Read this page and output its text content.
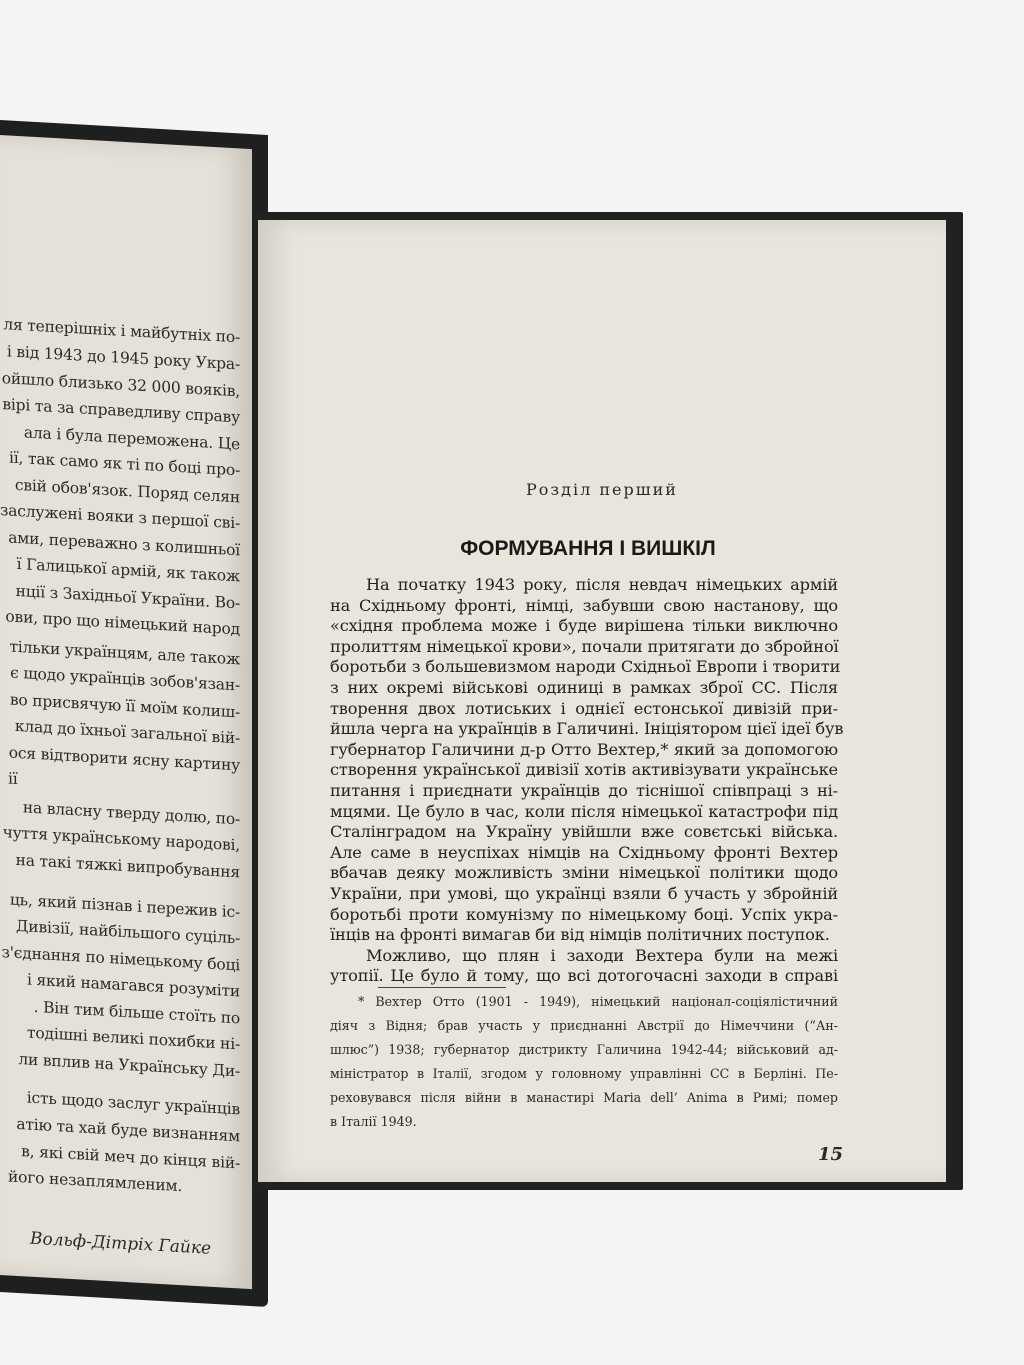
Вольф-Дітріх Гайке
ля теперішніх і майбутніх по-
і від 1943 до 1945 року Укра-
ойшло близько 32 000 вояків,
вірі та за справедливу справу
ала і була переможена. Це
ії, так само як ті по боці про-
свій обов'язок. Поряд селян
заслужені вояки з першої сві-
ами, переважно з колишньої
ї Галицької армій, як також
нції з Західньої України. Во-
ови, про що німецький народ
тільки українцям, але також
є щодо українців зобов'язан-
во присвячую її моїм колиш-
клад до їхньої загальної вій-
ося відтворити ясну картину
ії
на власну тверду долю, по-
чуття українському народові,
на такі тяжкі випробування
ць, який пізнав і пережив іс-
Дивізії, найбільшого суціль-
з'єднання по німецькому боці
і який намагався розуміти
. Він тим більше стоїть по
тодішні великі похибки ні-
ли вплив на Українську Ди-
ість щодо заслуг українців
атію та хай буде визнанням
в, які свій меч до кінця вій-
його незаплямленим.
Розділ перший
ФОРМУВАННЯ І ВИШКІЛ
15
На початку 1943 року, після невдач німецьких армій
на Східньому фронті, німці, забувши свою настанову, що
«східня проблема може і буде вирішена тільки виключно
пролиттям німецької крови», почали притягати до збройної
боротьби з большевизмом народи Східньої Европи і творити
з них окремі військові одиниці в рамках зброї СС. Після
творення двох лотиських і однієї естонської дивізій при-
йшла черга на українців в Галичині. Ініціятором цієї ідеї був
губернатор Галичини д-р Отто Вехтер,* який за допомогою
створення української дивізії хотів активізувати українське
питання і приєднати українців до тіснішої співпраці з ні-
мцями. Це було в час, коли після німецької катастрофи під
Сталінградом на Україну увійшли вже совєтські війська.
Але саме в неуспіхах німців на Східньому фронті Вехтер
вбачав деяку можливість зміни німецької політики щодо
України, при умові, що українці взяли б участь у збройній
боротьбі проти комунізму по німецькому боці. Успіх укра-
їнців на фронті вимагав би від німців політичних поступок.
Можливо, що плян і заходи Вехтера були на межі
утопії. Це було й тому, що всі дотогочасні заходи в справі
* Вехтер Отто (1901 - 1949), німецький націонал-соціялістичний
діяч з Відня; брав участь у приєднанні Австрії до Німеччини (“Ан-
шлюс”) 1938; губернатор дистрикту Галичина 1942-44; військовий ад-
міністратор в Італії, згодом у головному управлінні СС в Берліні. Пе-
реховувався після війни в манастирі Maria dell’ Anima в Римі; помер
в Італії 1949.
